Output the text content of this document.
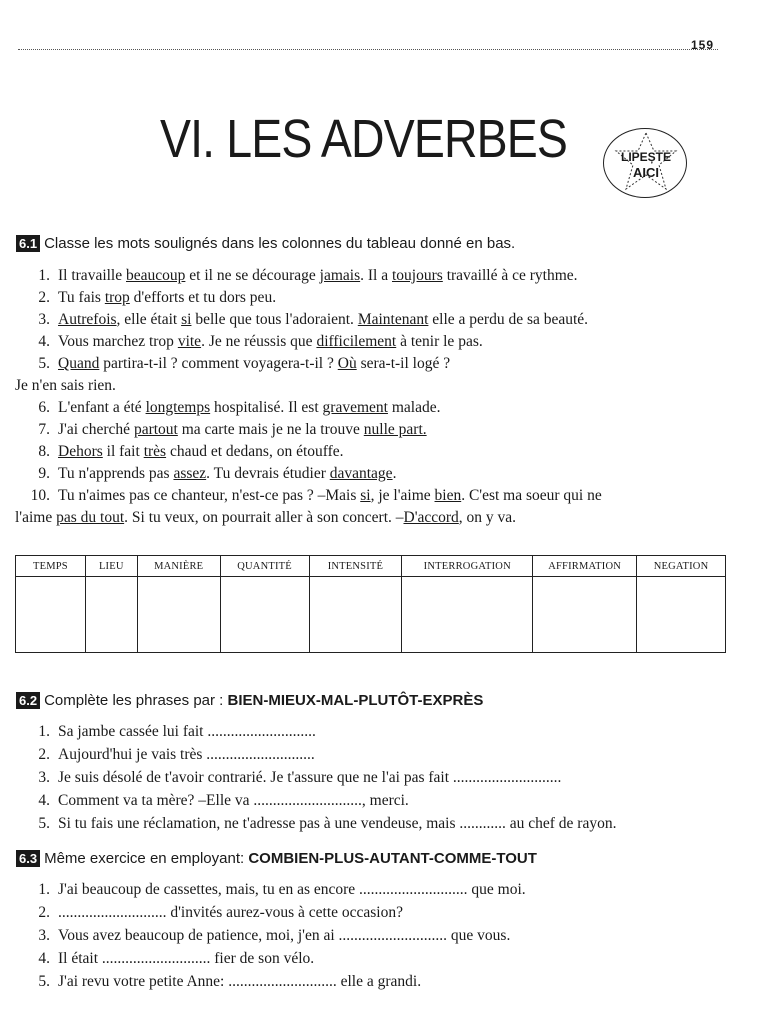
159
VI. LES ADVERBES	LIPEȘTE
AICI
6.1 Classe les mots soulignés dans les colonnes du tableau donné en bas.
1. Il travaille beaucoup et il ne se décourage jamais. Il a toujours travaillé à ce rythme.
2. Tu fais trop d'efforts et tu dors peu.
3. Autrefois, elle était si belle que tous l'adoraient. Maintenant elle a perdu de sa beauté.
4. Vous marchez trop vite. Je ne réussis que difficilement à tenir le pas.
5. Quand partira-t-il ? comment voyagera-t-il ? Où sera-t-il logé ?
Je n'en sais rien.
6. L'enfant a été longtemps hospitalisé. Il est gravement malade.
7. J'ai cherché partout ma carte mais je ne la trouve nulle part.
8. Dehors il fait très chaud et dedans, on étouffe.
9. Tu n'apprends pas assez. Tu devrais étudier davantage.
10. Tu n'aimes pas ce chanteur, n'est-ce pas ? –Mais si, je l'aime bien. C'est ma soeur qui ne
l'aime pas du tout. Si tu veux, on pourrait aller à son concert. –D'accord, on y va.
TEMPS	LIEU	MANIÈRE	QUANTITÉ	INTENSITÉ	INTERROGATION	AFFIRMATION	NEGATION

6.2 Complète les phrases par : BIEN-MIEUX-MAL-PLUTÔT-EXPRÈS
1. Sa jambe cassée lui fait ............................
2. Aujourd'hui je vais très ............................
3. Je suis désolé de t'avoir contrarié. Je t'assure que ne l'ai pas fait ............................
4. Comment va ta mère? –Elle va ............................, merci.
5. Si tu fais une réclamation, ne t'adresse pas à une vendeuse, mais ............ au chef de rayon.
6.3 Même exercice en employant: COMBIEN-PLUS-AUTANT-COMME-TOUT
1. J'ai beaucoup de cassettes, mais, tu en as encore ............................ que moi.
2. ............................ d'invités aurez-vous à cette occasion?
3. Vous avez beaucoup de patience, moi, j'en ai ............................ que vous.
4. Il était ............................ fier de son vélo.
5. J'ai revu votre petite Anne: ............................ elle a grandi.
